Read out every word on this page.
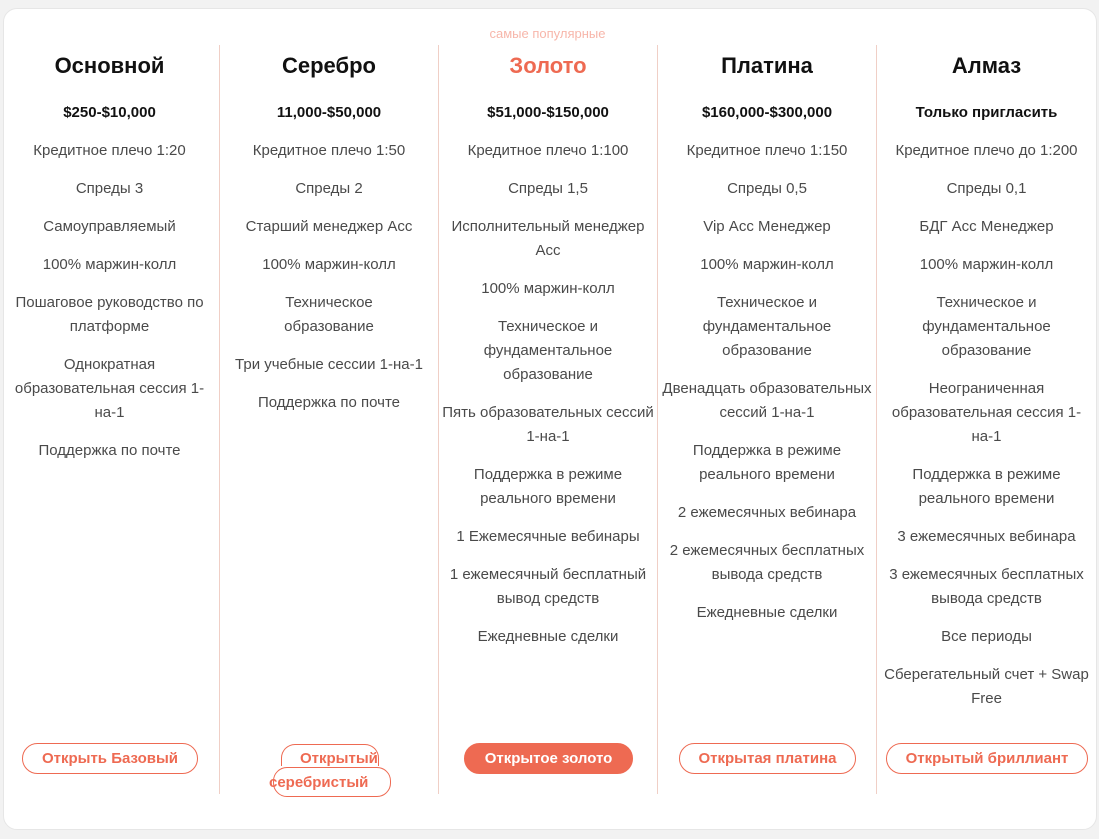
самые популярные
Основной
$250-$10,000
Кредитное плечо 1:20
Спреды 3
Самоуправляемый
100% маржин-колл
Пошаговое руководство по платформе
Однократная образовательная сессия 1-на-1
Поддержка по почте
Открыть Базовый
Серебро
11,000-$50,000
Кредитное плечо 1:50
Спреды 2
Старший менеджер Асс
100% маржин-колл
Техническое образование
Три учебные сессии 1-на-1
Поддержка по почте
Открытый
серебристый
Золото
$51,000-$150,000
Кредитное плечо 1:100
Спреды 1,5
Исполнительный менеджер Асс
100% маржин-колл
Техническое и фундаментальное образование
Пять образовательных сессий 1-на-1
Поддержка в режиме реального времени
1 Ежемесячные вебинары
1 ежемесячный бесплатный вывод средств
Ежедневные сделки
Открытое золото
Платина
$160,000-$300,000
Кредитное плечо 1:150
Спреды 0,5
Vip Асс Менеджер
100% маржин-колл
Техническое и фундаментальное образование
Двенадцать образовательных сессий 1-на-1
Поддержка в режиме реального времени
2 ежемесячных вебинара
2 ежемесячных бесплатных вывода средств
Ежедневные сделки
Открытая платина
Алмаз
Только пригласить
Кредитное плечо до 1:200
Спреды 0,1
БДГ Асс Менеджер
100% маржин-колл
Техническое и фундаментальное образование
Неограниченная образовательная сессия 1-на-1
Поддержка в режиме реального времени
3 ежемесячных вебинара
3 ежемесячных бесплатных вывода средств
Все периоды
Сберегательный счет + Swap Free
Открытый бриллиант
